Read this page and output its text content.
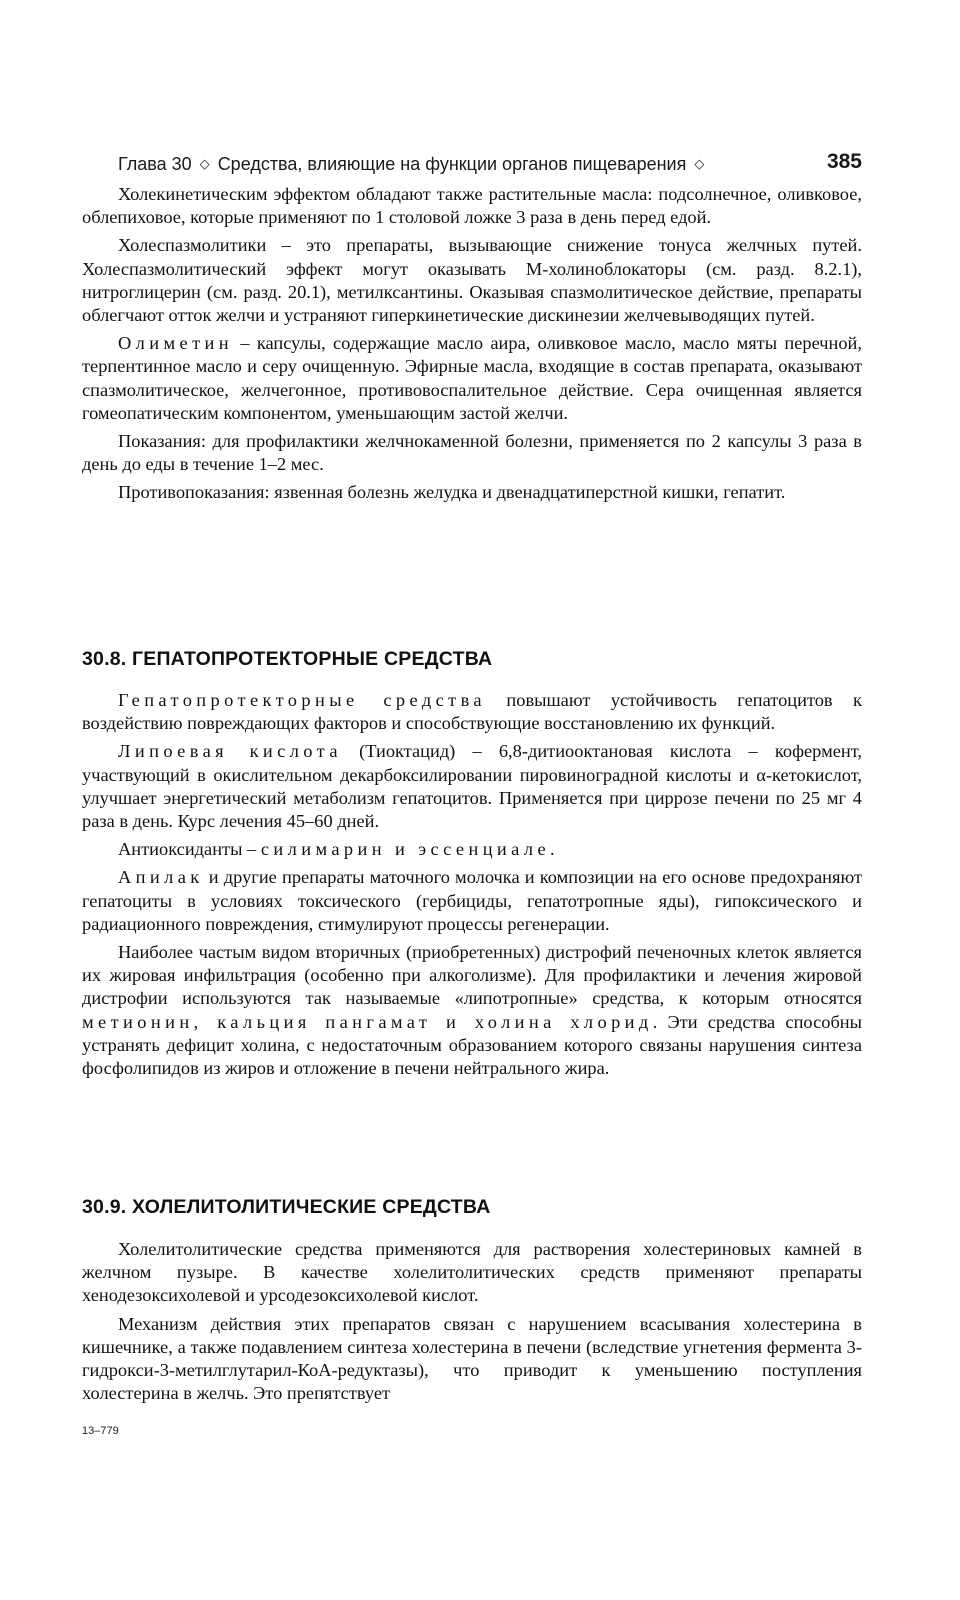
Глава 30 ◇ Средства, влияющие на функции органов пищеварения ◇	385

Холекинетическим эффектом обладают также растительные масла: подсолнечное, оливковое, облепиховое, которые применяют по 1 столовой ложке 3 раза в день перед едой.

Холеспазмолитики – это препараты, вызывающие снижение тонуса желчных путей. Холеспазмолитический эффект могут оказывать М-холиноблокаторы (см. разд. 8.2.1), нитроглицерин (см. разд. 20.1), метилксантины. Оказывая спазмолитическое действие, препараты облегчают отток желчи и устраняют гиперкинетические дискинезии желчевыводящих путей.

Олиметин – капсулы, содержащие масло аира, оливковое масло, масло мяты перечной, терпентинное масло и серу очищенную. Эфирные масла, входящие в состав препарата, оказывают спазмолитическое, желчегонное, противовоспалительное действие. Сера очищенная является гомеопатическим компонентом, уменьшающим застой желчи.

Показания: для профилактики желчнокаменной болезни, применяется по 2 капсулы 3 раза в день до еды в течение 1–2 мес.

Противопоказания: язвенная болезнь желудка и двенадцатиперстной кишки, гепатит.

30.8. ГЕПАТОПРОТЕКТОРНЫЕ СРЕДСТВА

Гепатопротекторные средства повышают устойчивость гепатоцитов к воздействию повреждающих факторов и способствующие восстановлению их функций.

Липоевая кислота (Тиоктацид) – 6,8-дитиооктановая кислота – кофермент, участвующий в окислительном декарбоксилировании пировиноградной кислоты и α-кетокислот, улучшает энергетический метаболизм гепатоцитов. Применяется при циррозе печени по 25 мг 4 раза в день. Курс лечения 45–60 дней.

Антиоксиданты – силимарин и эссенциале.

Апилак и другие препараты маточного молочка и композиции на его основе предохраняют гепатоциты в условиях токсического (гербициды, гепатотропные яды), гипоксического и радиационного повреждения, стимулируют процессы регенерации.

Наиболее частым видом вторичных (приобретенных) дистрофий печеночных клеток является их жировая инфильтрация (особенно при алкоголизме). Для профилактики и лечения жировой дистрофии используются так называемые «липотропные» средства, к которым относятся метионин, кальция пангамат и холина хлорид. Эти средства способны устранять дефицит холина, с недостаточным образованием которого связаны нарушения синтеза фосфолипидов из жиров и отложение в печени нейтрального жира.

30.9. ХОЛЕЛИТОЛИТИЧЕСКИЕ СРЕДСТВА

Холелитолитические средства применяются для растворения холестериновых камней в желчном пузыре. В качестве холелитолитических средств применяют препараты хенодезоксихолевой и урсодезоксихолевой кислот.

Механизм действия этих препаратов связан с нарушением всасывания холестерина в кишечнике, а также подавлением синтеза холестерина в печени (вследствие угнетения фермента 3-гидрокси-3-метилглутарил-КоА-редуктазы), что приводит к уменьшению поступления холестерина в желчь. Это препятствует

13–779
